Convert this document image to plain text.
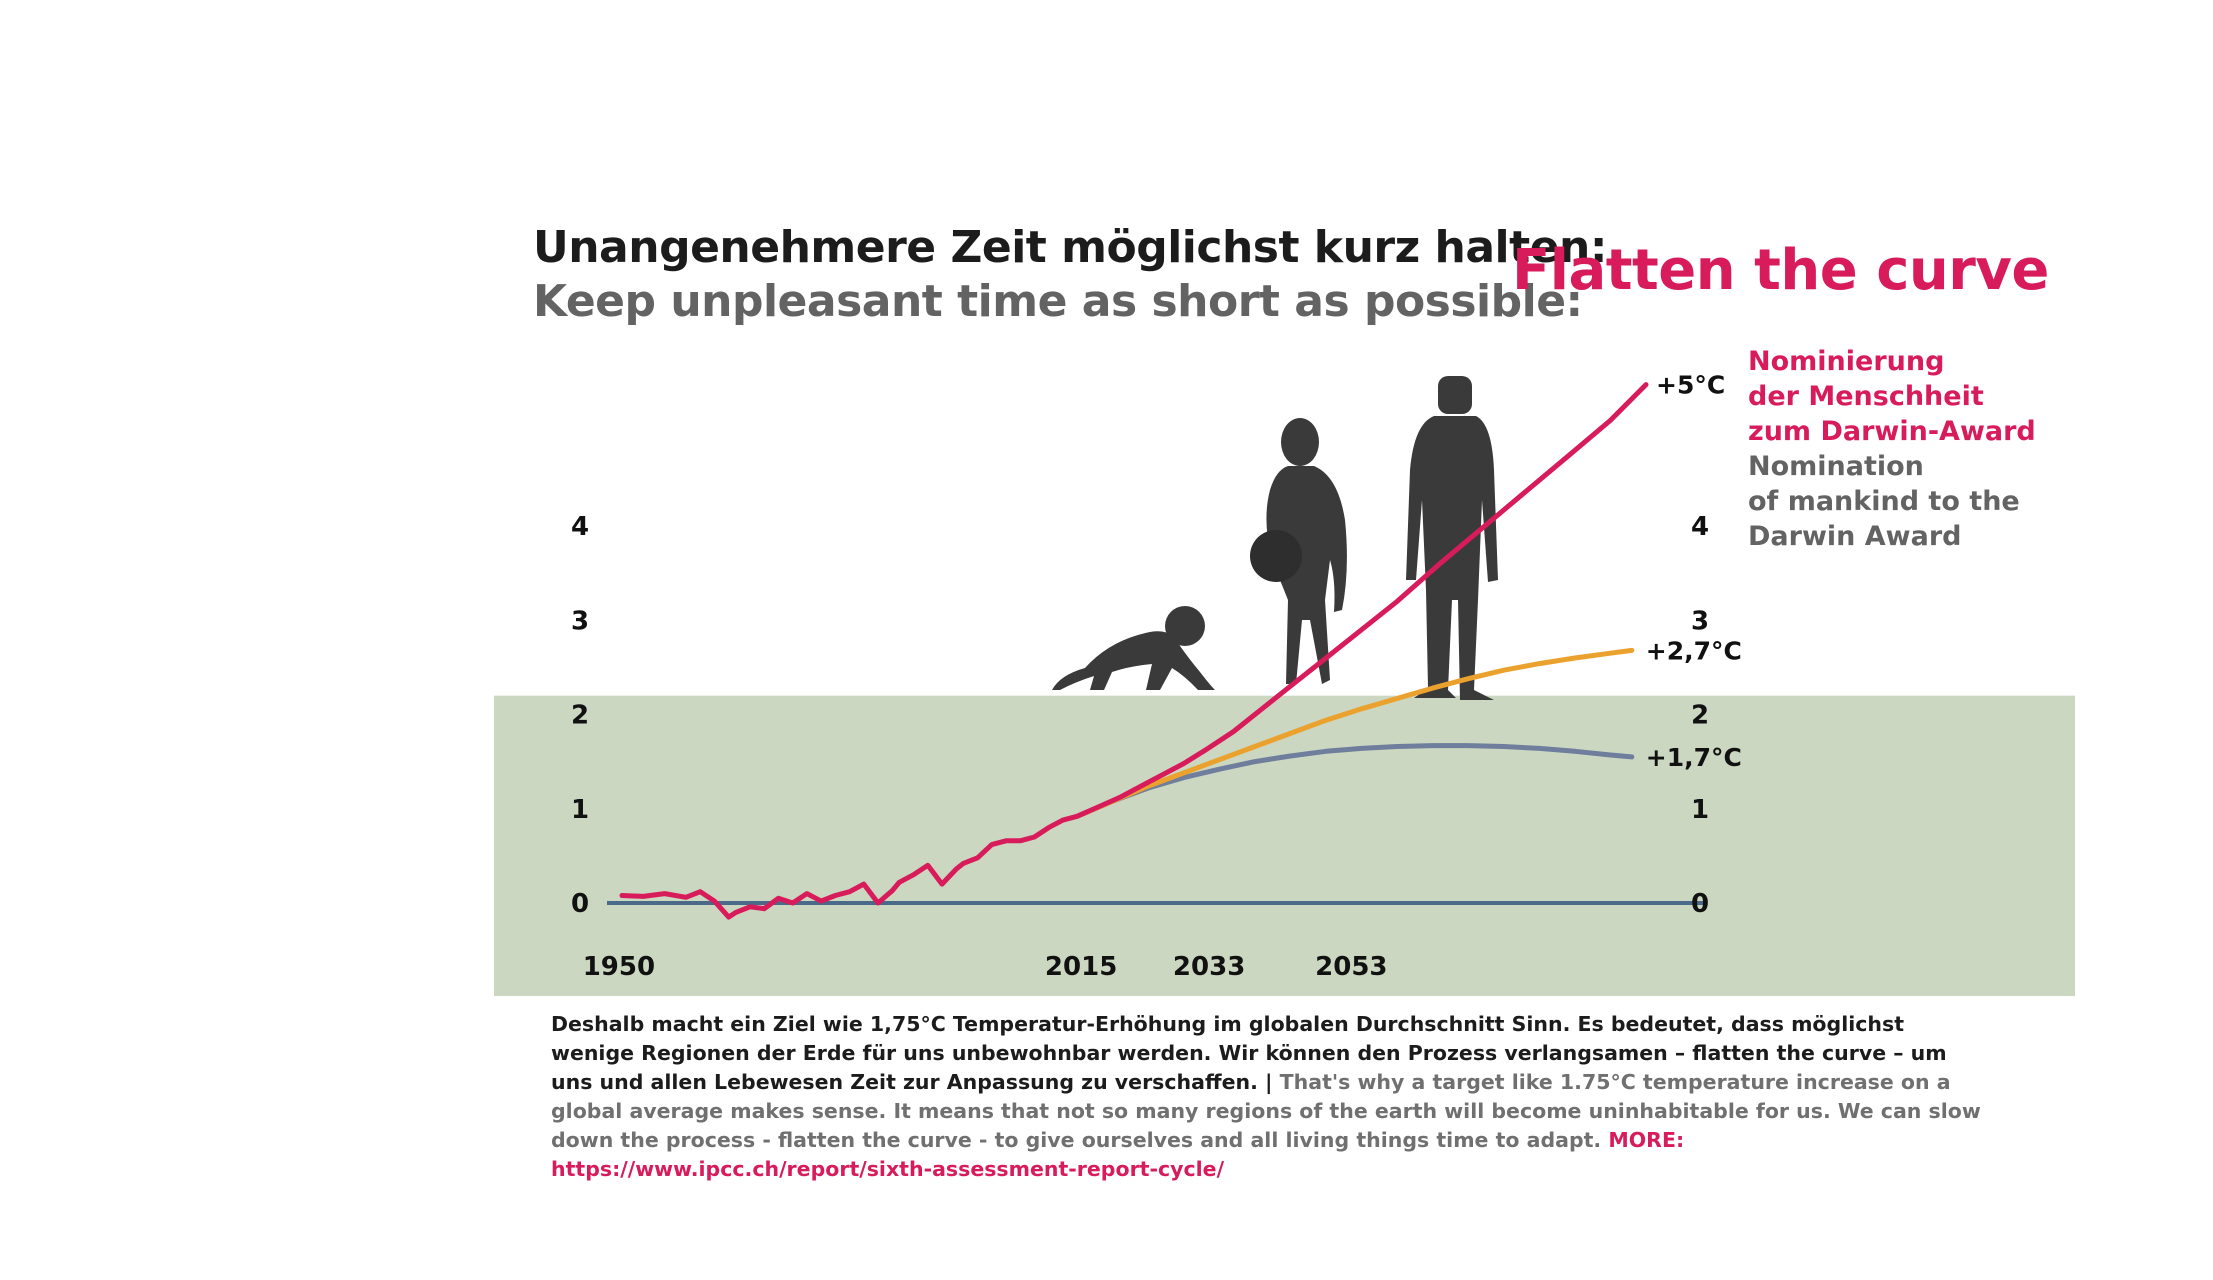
Unangenehmere Zeit möglichst kurz halten:
Keep unpleasant time as short as possible:
Flatten the curve
Nominierung
der Menschheit
zum Darwin-Award
Nomination
of mankind to the
Darwin Award
0
1
2
3
4
0
1
2
3
4
1950	2015 2033	2053
+5°C
+2,7°C
+1,7°C
Deshalb macht ein Ziel wie 1,75°C Temperatur-Erhöhung im globalen Durchschnitt Sinn. Es bedeutet, dass möglichst wenige Regionen der Erde für uns unbewohnbar werden. Wir können den Prozess verlangsamen – flatten the curve – um uns und allen Lebewesen Zeit zur Anpassung zu verschaffen. | That's why a target like 1.75°C temperature increase on a global average makes sense. It means that not so many regions of the earth will become uninhabitable for us. We can slow down the process - flatten the curve - to give ourselves and all living things time to adapt. MORE: https://www.ipcc.ch/report/sixth-assessment-report-cycle/
